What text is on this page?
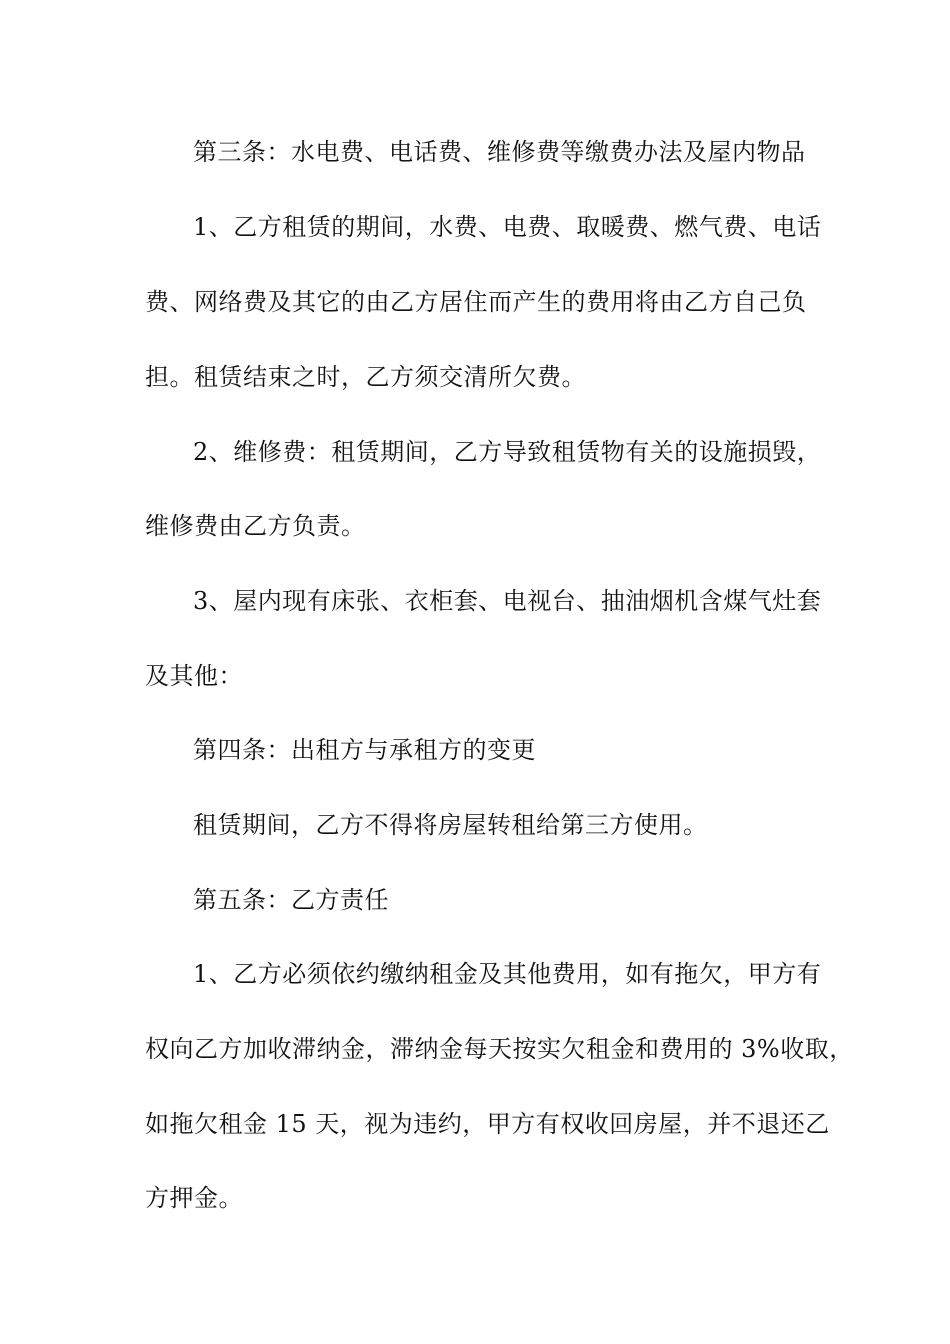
第三条：水电费、电话费、维修费等缴费办法及屋内物品
1、乙方租赁的期间，水费、电费、取暖费、燃气费、电话
费、网络费及其它的由乙方居住而产生的费用将由乙方自己负
担。租赁结束之时，乙方须交清所欠费。
2、维修费：租赁期间，乙方导致租赁物有关的设施损毁，
维修费由乙方负责。
3、屋内现有床张、衣柜套、电视台、抽油烟机含煤气灶套
及其他：
第四条：出租方与承租方的变更
租赁期间，乙方不得将房屋转租给第三方使用。
第五条：乙方责任
1、乙方必须依约缴纳租金及其他费用，如有拖欠，甲方有
权向乙方加收滞纳金，滞纳金每天按实欠租金和费用的 3%收取，
如拖欠租金 15 天，视为违约，甲方有权收回房屋，并不退还乙
方押金。
